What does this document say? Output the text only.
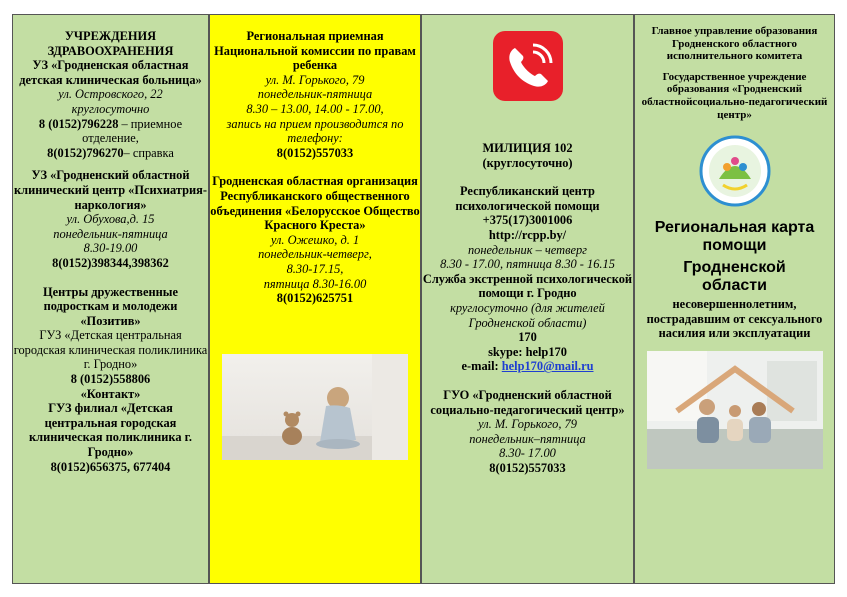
УЧРЕЖДЕНИЯ
ЗДРАВООХРАНЕНИЯ
УЗ «Гродненская областная детская клиническая больница»
ул. Островского, 22
круглосуточно
8 (0152)796228 – приемное отделение,
8(0152)796270– справка
УЗ «Гродненский областной клинический центр «Психиатрия-наркология»
ул. Обухова,д. 15
понедельник-пятница
8.30-19.00
8(0152)398344,398362
Центры дружественные подросткам и молодежи «Позитив»
ГУЗ «Детская центральная городская клиническая поликлиника г. Гродно»
8 (0152)558806
«Контакт»
ГУЗ филиал «Детская центральная городская клиническая поликлиника г. Гродно»
8(0152)656375, 677404
Региональная приемная Национальной комиссии по правам ребенка
ул. М. Горького, 79
понедельник-пятница
8.30 – 13.00, 14.00 - 17.00,
запись на прием производится по телефону:
8(0152)557033
Гродненская областная организация Республиканского общественного объединения «Белорусское Общество Красного Креста»
ул. Ожешко, д. 1
понедельник-четверг,
8.30-17.15,
пятница 8.30-16.00
8(0152)625751
МИЛИЦИЯ 102
(круглосуточно)
Республиканский центр психологической помощи
+375(17)3001006
http://rcpp.by/
понедельник – четверг
8.30 - 17.00, пятница 8.30 - 16.15
Служба экстренной психологической помощи г. Гродно
круглосуточно (для жителей Гродненской области)
170
skype: help170
e-mail: help170@mail.ru
ГУО «Гродненский областной социально-педагогический центр»
ул. М. Горького, 79
понедельник–пятница
8.30- 17.00
8(0152)557033
Главное управление образования Гродненского областного исполнительного комитета
Государственное учреждение образования «Гродненский областнойсоциально-педагогический центр»
Региональная карта помощи
Гродненской
области
несовершеннолетним, пострадавшим от сексуального насилия или эксплуатации
